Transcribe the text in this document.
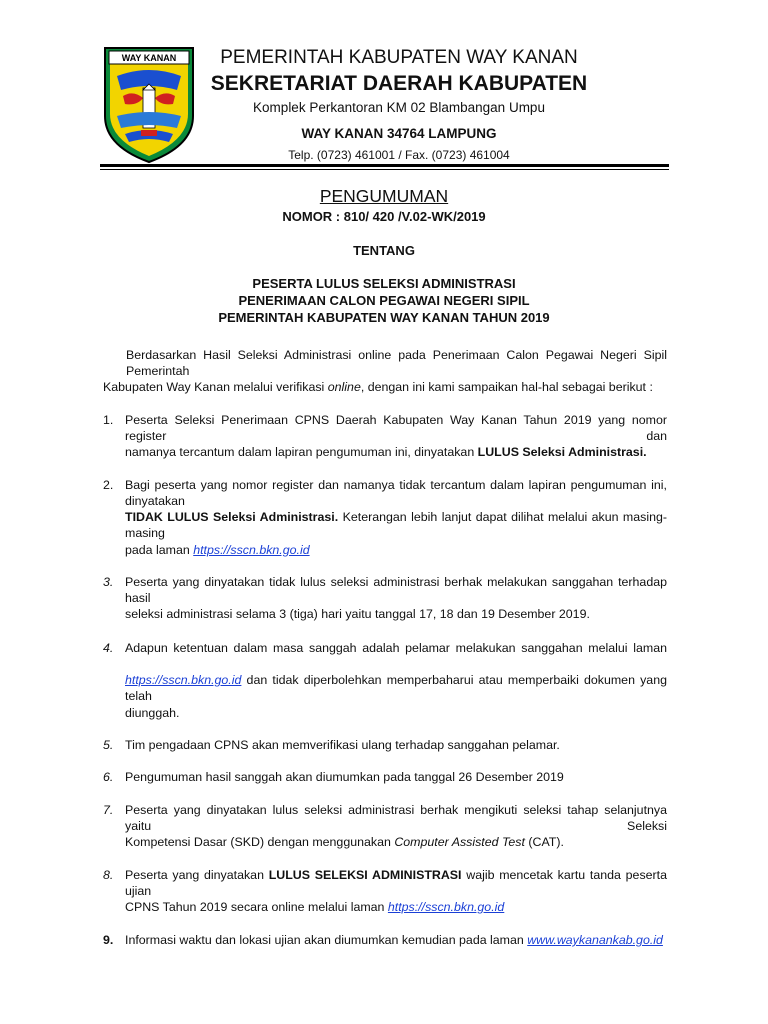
WAY KANAN	PEMERINTAH KABUPATEN WAY KANAN
SEKRETARIAT DAERAH KABUPATEN
Komplek Perkantoran KM 02 Blambangan Umpu
WAY KANAN 34764 LAMPUNG
Telp. (0723) 461001 / Fax. (0723) 461004
PENGUMUMAN
NOMOR : 810/ 420 /V.02-WK/2019
TENTANG
PESERTA LULUS SELEKSI ADMINISTRASI
PENERIMAAN CALON PEGAWAI NEGERI SIPIL
PEMERINTAH KABUPATEN WAY KANAN TAHUN 2019
Berdasarkan Hasil Seleksi Administrasi online pada Penerimaan Calon Pegawai Negeri Sipil Pemerintah
Kabupaten Way Kanan melalui verifikasi online, dengan ini kami sampaikan hal-hal sebagai berikut :
1. Peserta Seleksi Penerimaan CPNS Daerah Kabupaten Way Kanan Tahun 2019 yang nomor register dan
namanya tercantum dalam lapiran pengumuman ini, dinyatakan LULUS Seleksi Administrasi.
2. Bagi peserta yang nomor register dan namanya tidak tercantum dalam lapiran pengumuman ini, dinyatakan
TIDAK LULUS Seleksi Administrasi. Keterangan lebih lanjut dapat dilihat melalui akun masing-masing
pada laman https://sscn.bkn.go.id
3. Peserta yang dinyatakan tidak lulus seleksi administrasi berhak melakukan sanggahan terhadap hasil
seleksi administrasi selama 3 (tiga) hari yaitu tanggal 17, 18 dan 19 Desember 2019.
4. Adapun ketentuan dalam masa sanggah adalah pelamar melakukan sanggahan melalui laman
https://sscn.bkn.go.id dan tidak diperbolehkan memperbaharui atau memperbaiki dokumen yang telah
diunggah.
5. Tim pengadaan CPNS akan memverifikasi ulang terhadap sanggahan pelamar.
6. Pengumuman hasil sanggah akan diumumkan pada tanggal 26 Desember 2019
7. Peserta yang dinyatakan lulus seleksi administrasi berhak mengikuti seleksi tahap selanjutnya yaitu Seleksi
Kompetensi Dasar (SKD) dengan menggunakan Computer Assisted Test (CAT).
8. Peserta yang dinyatakan LULUS SELEKSI ADMINISTRASI wajib mencetak kartu tanda peserta ujian
CPNS Tahun 2019 secara online melalui laman https://sscn.bkn.go.id
9. Informasi waktu dan lokasi ujian akan diumumkan kemudian pada laman www.waykanankab.go.id
